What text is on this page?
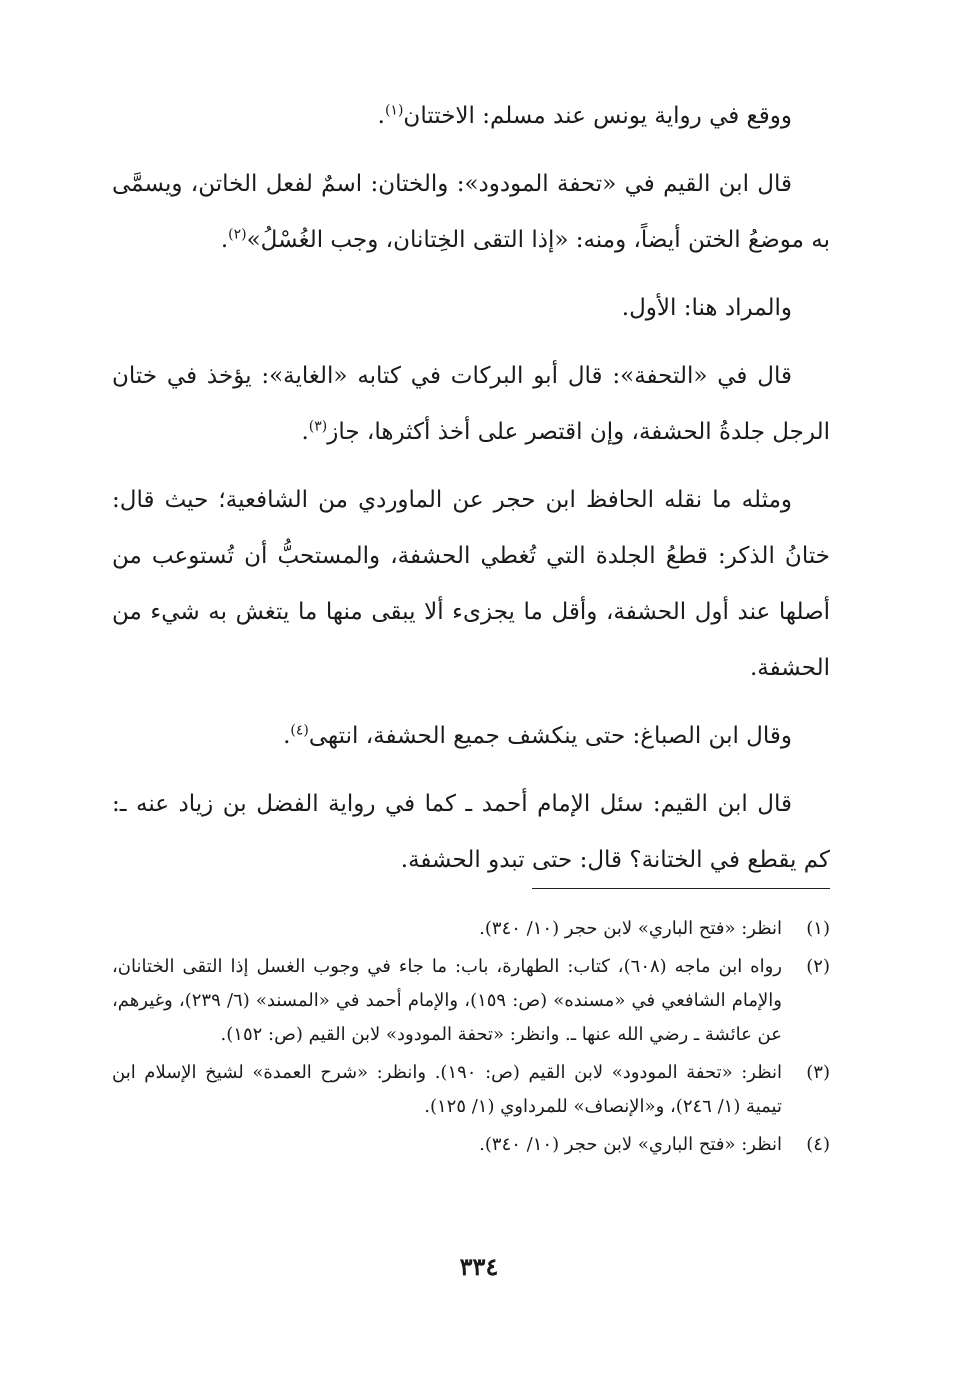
ووقع في رواية يونس عند مسلم: الاختتان$^{(١)}$.

قال ابن القيم في «تحفة المودود»: والختان: اسمٌ لفعل الخاتن، ويسمَّى به موضعُ الختن أيضاً، ومنه: «إذا التقى الخِتانان، وجب الغُسْلُ»$^{(٢)}$.

والمراد هنا: الأول.

قال في «التحفة»: قال أبو البركات في كتابه «الغاية»: يؤخذ في ختان الرجل جلدةُ الحشفة، وإن اقتصر على أخذ أكثرها، جاز$^{(٣)}$.

ومثله ما نقله الحافظ ابن حجر عن الماوردي من الشافعية؛ حيث قال: ختانُ الذكر: قطعُ الجلدة التي تُغطي الحشفة، والمستحبُّ أن تُستوعب من أصلها عند أول الحشفة، وأقل ما يجزىء ألا يبقى منها ما يتغش به شيء من الحشفة.

وقال ابن الصباغ: حتى ينكشف جميع الحشفة، انتهى$^{(٤)}$.

قال ابن القيم: سئل الإمام أحمد ـ كما في رواية الفضل بن زياد عنه ـ: كم يقطع في الختانة؟ قال: حتى تبدو الحشفة.

(١)
انظر: «فتح الباري» لابن حجر (١٠/ ٣٤٠).
(٢)
رواه ابن ماجه (٦٠٨)، كتاب: الطهارة، باب: ما جاء في وجوب الغسل إذا التقى الختانان، والإمام الشافعي في «مسنده» (ص: ١٥٩)، والإمام أحمد في «المسند» (٦/ ٢٣٩)، وغيرهم، عن عائشة ـ رضي الله عنها ـ. وانظر: «تحفة المودود» لابن القيم (ص: ١٥٢).
(٣)
انظر: «تحفة المودود» لابن القيم (ص: ١٩٠). وانظر: «شرح العمدة» لشيخ الإسلام ابن تيمية (١/ ٢٤٦)، و«الإنصاف» للمرداوي (١/ ١٢٥).
(٤)
انظر: «فتح الباري» لابن حجر (١٠/ ٣٤٠).
٣٣٤
